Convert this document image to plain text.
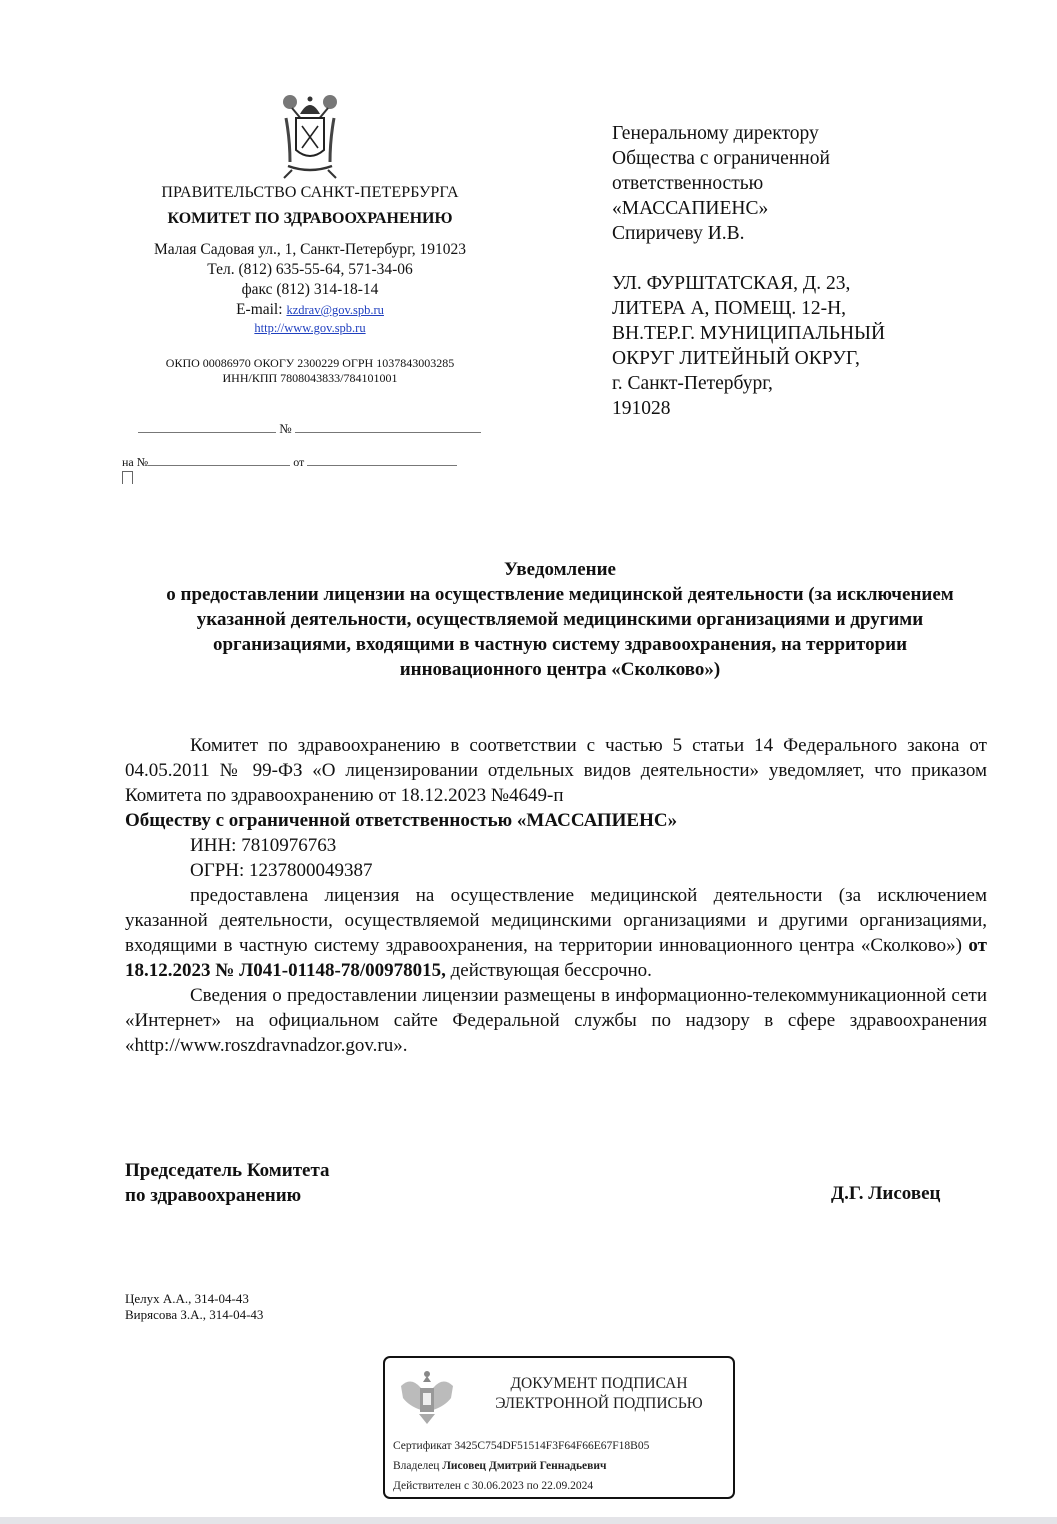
ПРАВИТЕЛЬСТВО САНКТ-ПЕТЕРБУРГА
КОМИТЕТ ПО ЗДРАВООХРАНЕНИЮ
Малая Садовая ул., 1, Санкт-Петербург, 191023
Тел. (812) 635-55-64, 571-34-06
факс (812) 314-18-14
E-mail: kzdrav@gov.spb.ru
http://www.gov.spb.ru
ОКПО 00086970 ОКОГУ 2300229 ОГРН 1037843003285
ИНН/КПП 7808043833/784101001
№
на №	от
Генеральному директору
Общества с ограниченной
ответственностью
«МАССАПИЕНС»
Спиричеву И.В.
УЛ. ФУРШТАТСКАЯ, Д. 23,
ЛИТЕРА А, ПОМЕЩ. 12-Н,
ВН.ТЕР.Г. МУНИЦИПАЛЬНЫЙ
ОКРУГ ЛИТЕЙНЫЙ ОКРУГ,
г. Санкт-Петербург,
191028
Уведомление
о предоставлении лицензии на осуществление медицинской деятельности (за исключением указанной деятельности, осуществляемой медицинскими организациями и другими организациями, входящими в частную систему здравоохранения, на территории инновационного центра «Сколково»)

Комитет по здравоохранению в соответствии с частью 5 статьи 14 Федерального закона от 04.05.2011 № 99-ФЗ «О лицензировании отдельных видов деятельности» уведомляет, что приказом Комитета по здравоохранению от 18.12.2023 №4649-п

Обществу с ограниченной ответственностью «МАССАПИЕНС»

ИНН: 7810976763

ОГРН: 1237800049387

предоставлена лицензия на осуществление медицинской деятельности (за исключением указанной деятельности, осуществляемой медицинскими организациями и другими организациями, входящими в частную систему здравоохранения, на территории инновационного центра «Сколково») от 18.12.2023 № Л041-01148-78/00978015, действующая бессрочно.

Сведения о предоставлении лицензии размещены в информационно-телекоммуникационной сети «Интернет» на официальном сайте Федеральной службы по надзору в сфере здравоохранения «http://www.roszdravnadzor.gov.ru».

Председатель Комитета
по здравоохранению	Д.Г. Лисовец
Целух А.А., 314-04-43
Вирясова З.А., 314-04-43
ДОКУМЕНТ ПОДПИСАН
ЭЛЕКТРОННОЙ ПОДПИСЬЮ
Сертификат 3425C754DF51514F3F64F66E67F18B05
Владелец Лисовец Дмитрий Геннадьевич
Действителен с 30.06.2023 по 22.09.2024
